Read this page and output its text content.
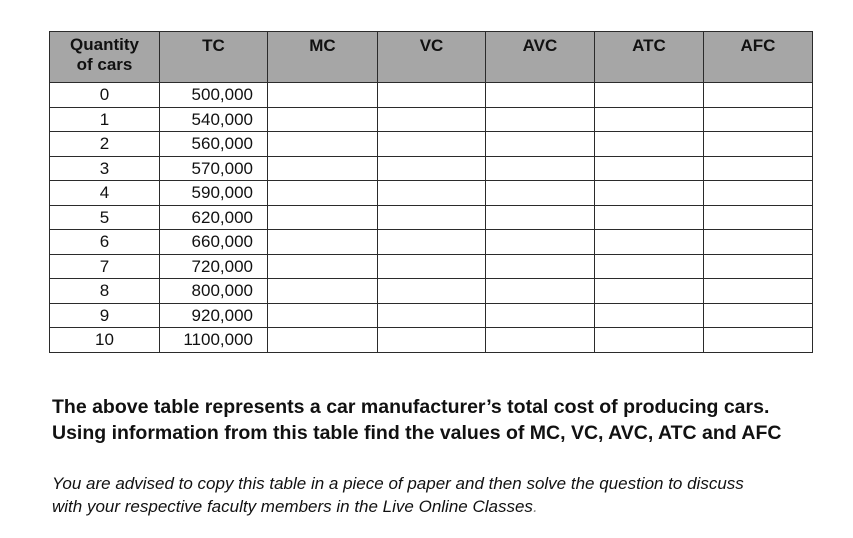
Quantity
of cars	TC	MC	VC	AVC	ATC	AFC
0	500,000					
1	540,000					
2	560,000					
3	570,000					
4	590,000					
5	620,000					
6	660,000					
7	720,000					
8	800,000					
9	920,000					
10	1100,000					
The above table represents a car manufacturer’s total cost of producing cars.
Using information from this table find the values of MC, VC, AVC, ATC and AFC
You are advised to copy this table in a piece of paper and then solve the question to discuss
with your respective faculty members in the Live Online Classes.
